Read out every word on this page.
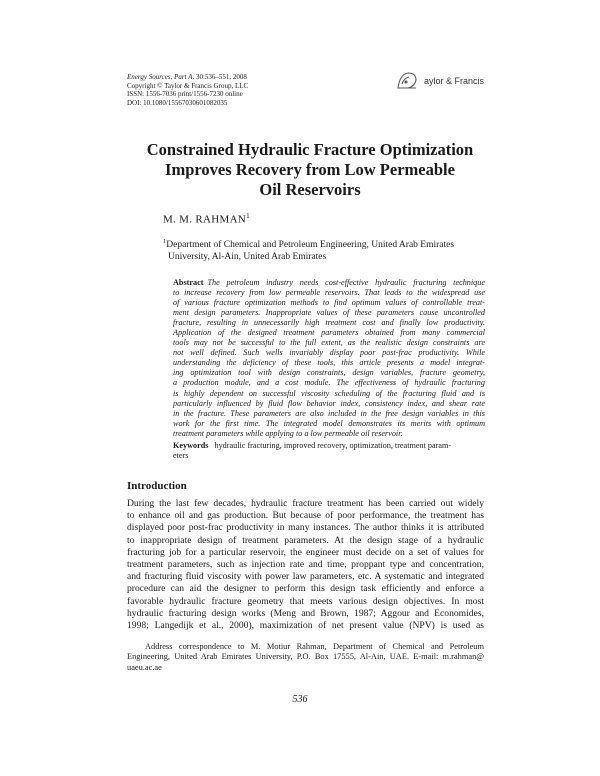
Energy Sources, Part A, 30:536–551, 2008
Copyright © Taylor & Francis Group, LLC
ISSN: 1556-7036 print/1556-7230 online
DOI: 10.1080/15567030601082035
aylor & Francis
Constrained Hydraulic Fracture Optimization
Improves Recovery from Low Permeable
Oil Reservoirs
M. M. RAHMAN$^1$
$^1$Department of Chemical and Petroleum Engineering, United Arab Emirates
University, Al-Ain, United Arab Emirates
Abstract The petroleum industry needs cost-effective hydraulic fracturing technique
to increase recovery from low permeable reservoirs. That leads to the widespread use
of various fracture optimization methods to find optimum values of controllable treat-
ment design parameters. Inappropriate values of these parameters cause uncontrolled
fracture, resulting in unnecessarily high treatment cost and finally low productivity.
Application of the designed treatment parameters obtained from many commercial
tools may not be successful to the full extent, as the realistic design constraints are
not well defined. Such wells invariably display poor post-frac productivity. While
understanding the deficiency of these tools, this article presents a model integrat-
ing optimization tool with design constraints, design variables, fracture geometry,
a production module, and a cost module. The effectiveness of hydraulic fracturing
is highly dependent on successful viscosity scheduling of the fracturing fluid and is
particularly influenced by fluid flow behavior index, consistency index, and shear rate
in the fracture. These parameters are also included in the free design variables in this
work for the first time. The integrated model demonstrates its merits with optimum
treatment parameters while applying to a low permeable oil reservoir.
Keywords hydraulic fracturing, improved recovery, optimization, treatment param-
eters
Introduction
During the last few decades, hydraulic fracture treatment has been carried out widely
to enhance oil and gas production. But because of poor performance, the treatment has
displayed poor post-frac productivity in many instances. The author thinks it is attributed
to inappropriate design of treatment parameters. At the design stage of a hydraulic
fracturing job for a particular reservoir, the engineer must decide on a set of values for
treatment parameters, such as injection rate and time, proppant type and concentration,
and fracturing fluid viscosity with power law parameters, etc. A systematic and integrated
procedure can aid the designer to perform this design task efficiently and enforce a
favorable hydraulic fracture geometry that meets various design objectives. In most
hydraulic fracturing design works (Meng and Brown, 1987; Aggour and Economides,
1998; Langedijk et al., 2000), maximization of net present value (NPV) is used as
Address correspondence to M. Motiur Rahman, Department of Chemical and Petroleum
Engineering, United Arab Emirates University, P.O. Box 17555, Al-Ain, UAE. E-mail: m.rahman@
uaeu.ac.ae
536
